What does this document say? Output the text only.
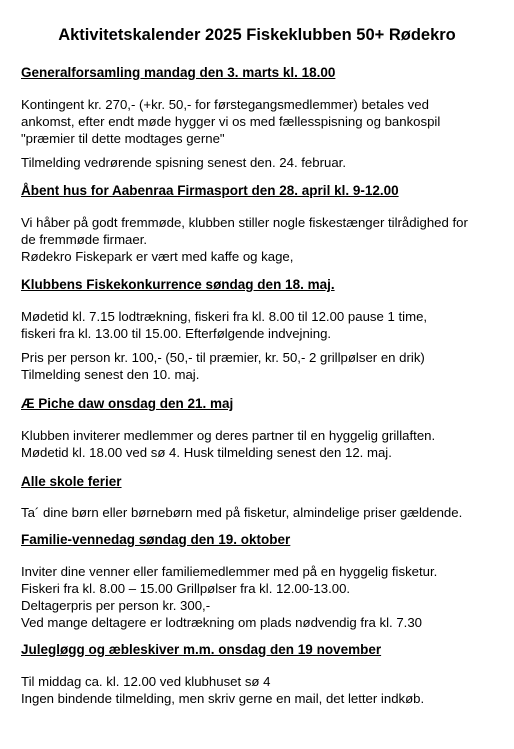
Aktivitetskalender 2025 Fiskeklubben 50+ Rødekro
Generalforsamling mandag den 3. marts kl. 18.00
Kontingent kr. 270,- (+kr. 50,- for førstegangsmedlemmer) betales ved
ankomst, efter endt møde hygger vi os med fællesspisning og bankospil
"præmier til dette modtages gerne"
Tilmelding vedrørende spisning senest den. 24. februar.
Åbent hus for Aabenraa Firmasport den 28. april kl. 9-12.00
Vi håber på godt fremmøde, klubben stiller nogle fiskestænger tilrådighed for
de fremmøde firmaer.
Rødekro Fiskepark er vært med kaffe og kage,
Klubbens Fiskekonkurrence søndag den 18. maj.
Mødetid kl. 7.15 lodtrækning, fiskeri fra kl. 8.00 til 12.00 pause 1 time,
fiskeri fra kl. 13.00 til 15.00. Efterfølgende indvejning.
Pris per person kr. 100,- (50,- til præmier, kr. 50,- 2 grillpølser en drik)
Tilmelding senest den 10. maj.
Æ Piche daw onsdag den 21. maj
Klubben inviterer medlemmer og deres partner til en hyggelig grillaften.
Mødetid kl. 18.00 ved sø 4. Husk tilmelding senest den 12. maj.
Alle skole ferier
Ta´ dine børn eller børnebørn med på fisketur, almindelige priser gældende.
Familie-vennedag søndag den 19. oktober
Inviter dine venner eller familiemedlemmer med på en hyggelig fisketur.
Fiskeri fra kl. 8.00 – 15.00 Grillpølser fra kl. 12.00-13.00.
Deltagerpris per person kr. 300,-
Ved mange deltagere er lodtrækning om plads nødvendig fra kl. 7.30
Julegløgg og æbleskiver m.m. onsdag den 19 november
Til middag ca. kl. 12.00 ved klubhuset sø 4
Ingen bindende tilmelding, men skriv gerne en mail, det letter indkøb.
